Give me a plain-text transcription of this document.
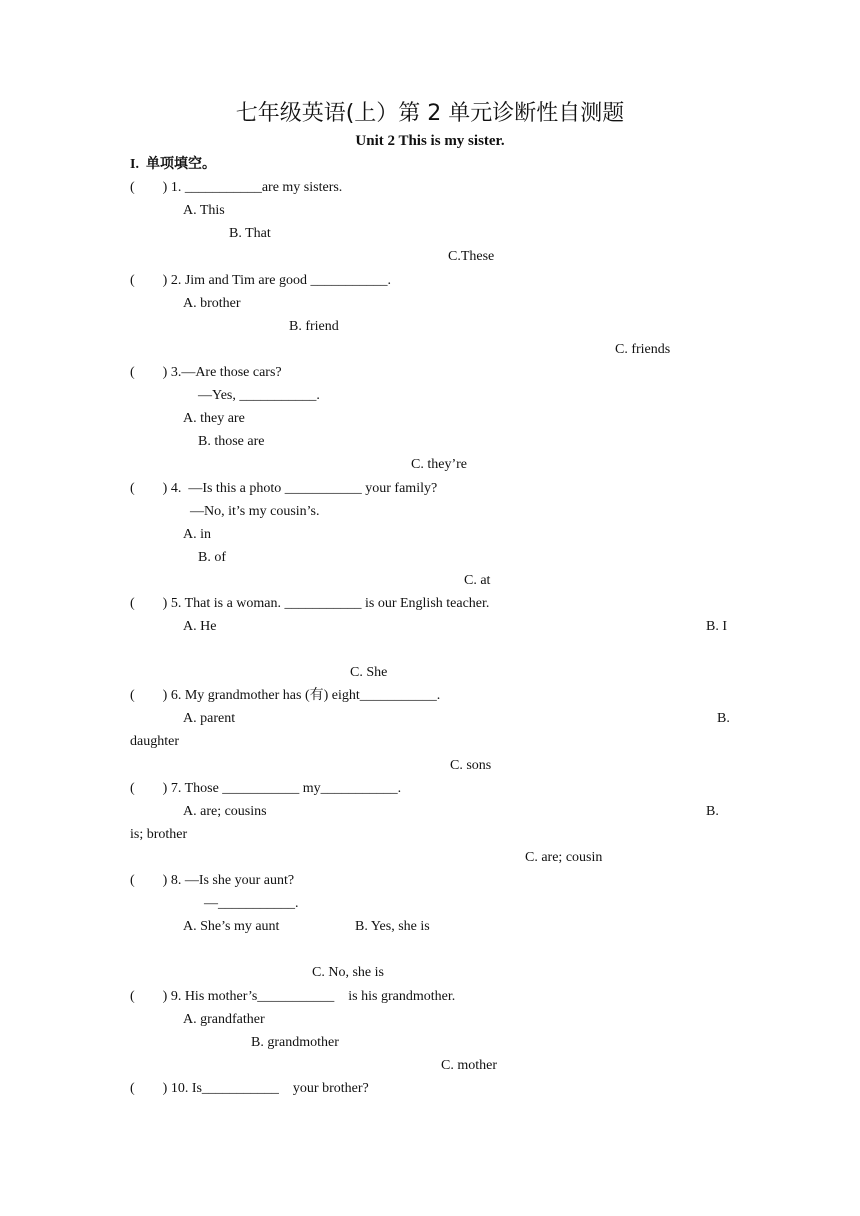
七年级英语(上）第 2 单元诊断性自测题
Unit 2 This is my sister.
I.  单项填空。
(        ) 1. ___________are my sisters.
A. This
B. That
C.These
(        ) 2. Jim and Tim are good ___________.
A. brother
B. friend
C. friends
(        ) 3.—Are those cars?
—Yes, ___________.
A. they are
B. those are
C. they’re
(        ) 4.  —Is this a photo ___________ your family?
—No, it’s my cousin’s.
A. in
B. of
C. at
(        ) 5. That is a woman. ___________ is our English teacher.
A. He	B. I
C. She
(        ) 6. My grandmother has (有) eight___________.
A. parent	B.
daughter
C. sons
(        ) 7. Those ___________ my___________.
A. are; cousins	B.
is; brother
C. are; cousin
(        ) 8. —Is she your aunt?
—___________.
A. She’s my aunt	B. Yes, she is
C. No, she is
(        ) 9. His mother’s___________    is his grandmother.
A. grandfather
B. grandmother
C. mother
(        ) 10. Is___________    your brother?
